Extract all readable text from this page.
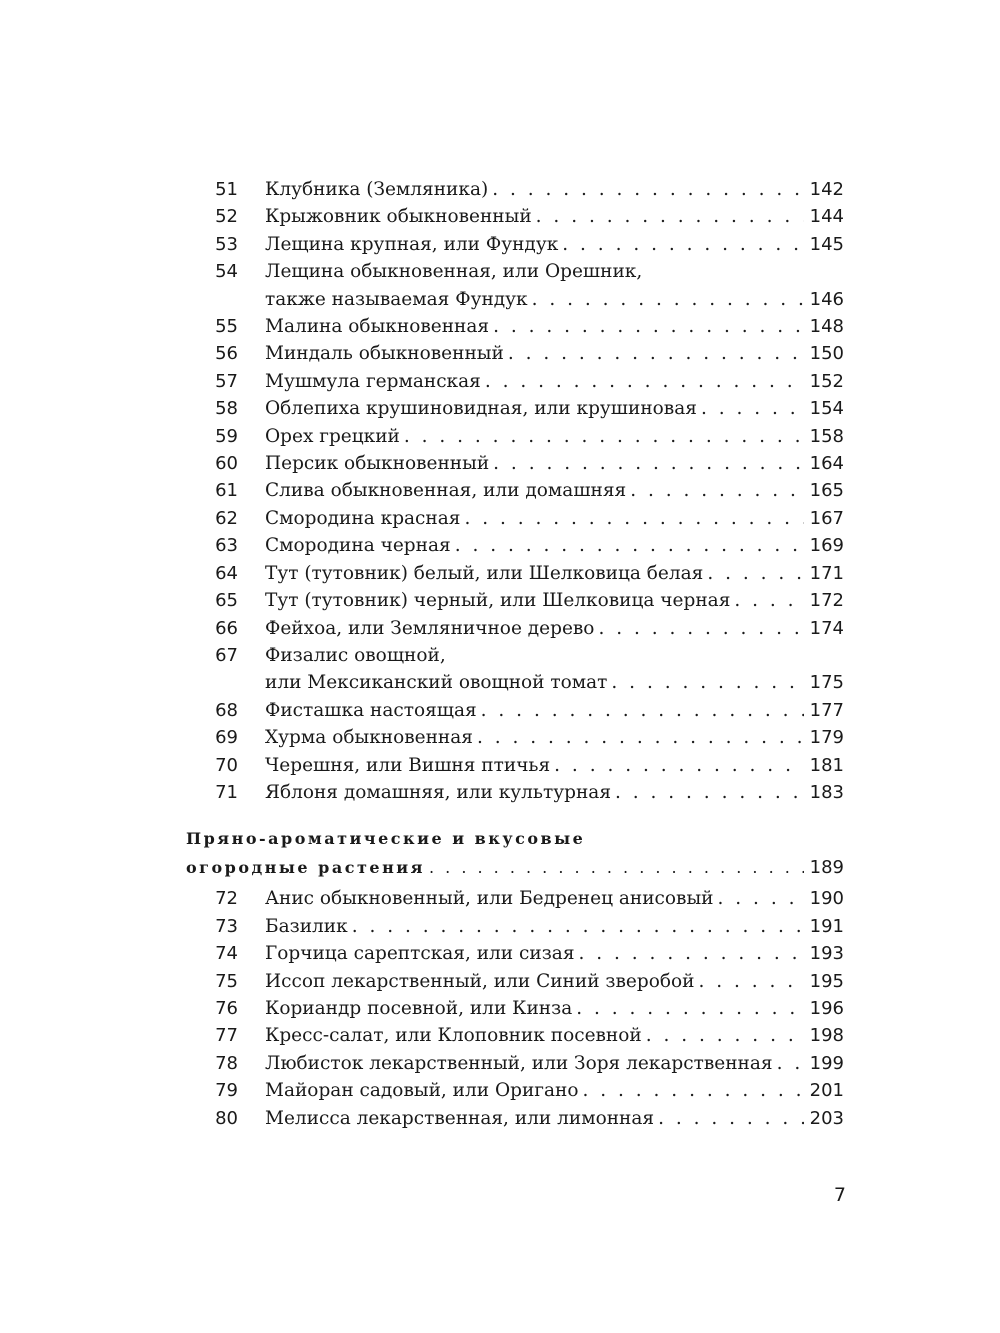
51 Клубника (Земляника) . . .	142
52 Крыжовник обыкновенный . . .	144
53 Лещина крупная, или Фундук . . .	145
54 Лещина обыкновенная, или Орешник,
также называемая Фундук . . .	146
55 Малина обыкновенная . . .	148
56 Миндаль обыкновенный . . .	150
57 Мушмула германская . . .	152
58 Облепиха крушиновидная, или крушиновая . . .	154
59 Орех грецкий . . .	158
60 Персик обыкновенный . . .	164
61 Слива обыкновенная, или домашняя . . .	165
62 Смородина красная . . .	167
63 Смородина черная . . .	169
64 Тут (тутовник) белый, или Шелковица белая . . .	171
65 Тут (тутовник) черный, или Шелковица черная . . .	172
66 Фейхоа, или Земляничное дерево . . .	174
67 Физалис овощной,
или Мексиканский овощной томат . . .	175
68 Фисташка настоящая . . .	177
69 Хурма обыкновенная . . .	179
70 Черешня, или Вишня птичья . . .	181
71 Яблоня домашняя, или культурная . . .	183
Пряно-ароматические и вкусовые
огородные растения . . .	189
72 Анис обыкновенный, или Бедренец анисовый . . .	190
73 Базилик . . .	191
74 Горчица сарептская, или сизая . . .	193
75 Иссоп лекарственный, или Синий зверобой . . .	195
76 Кориандр посевной, или Кинза . . .	196
77 Кресс-салат, или Клоповник посевной . . .	198
78 Любисток лекарственный, или Зоря лекарственная . . . 199
79 Майоран садовый, или Ориганo . . .	201
80 Мелисса лекарственная, или лимонная . . .	203
7
